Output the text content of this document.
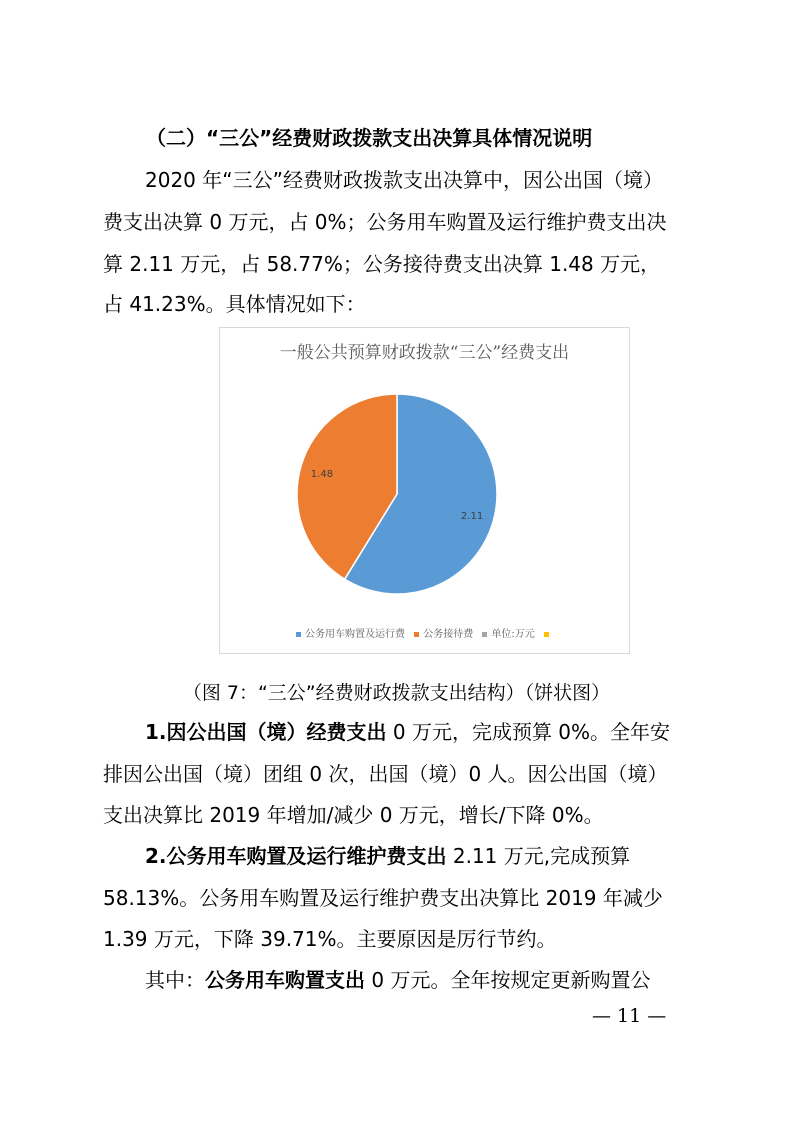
（二）“三公”经费财政拨款支出决算具体情况说明
2020 年“三公”经费财政拨款支出决算中，因公出国（境）
费支出决算 0 万元，占 0%；公务用车购置及运行维护费支出决
算 2.11 万元，占 58.77%；公务接待费支出决算 1.48 万元，
占 41.23%。具体情况如下：
一般公共预算财政拨款“三公”经费支出
2.11
1.48
公务用车购置及运行费 公务接待费 单位:万元
（图 7：“三公”经费财政拨款支出结构）（饼状图）
1.因公出国（境）经费支出 0 万元，完成预算 0%。全年安
排因公出国（境）团组 0 次，出国（境）0 人。因公出国（境）
支出决算比 2019 年增加/减少 0 万元，增长/下降 0%。
2.公务用车购置及运行维护费支出 2.11 万元,完成预算
58.13%。公务用车购置及运行维护费支出决算比 2019 年减少
1.39 万元，下降 39.71%。主要原因是厉行节约。
其中：公务用车购置支出 0 万元。全年按规定更新购置公
— 11 —
